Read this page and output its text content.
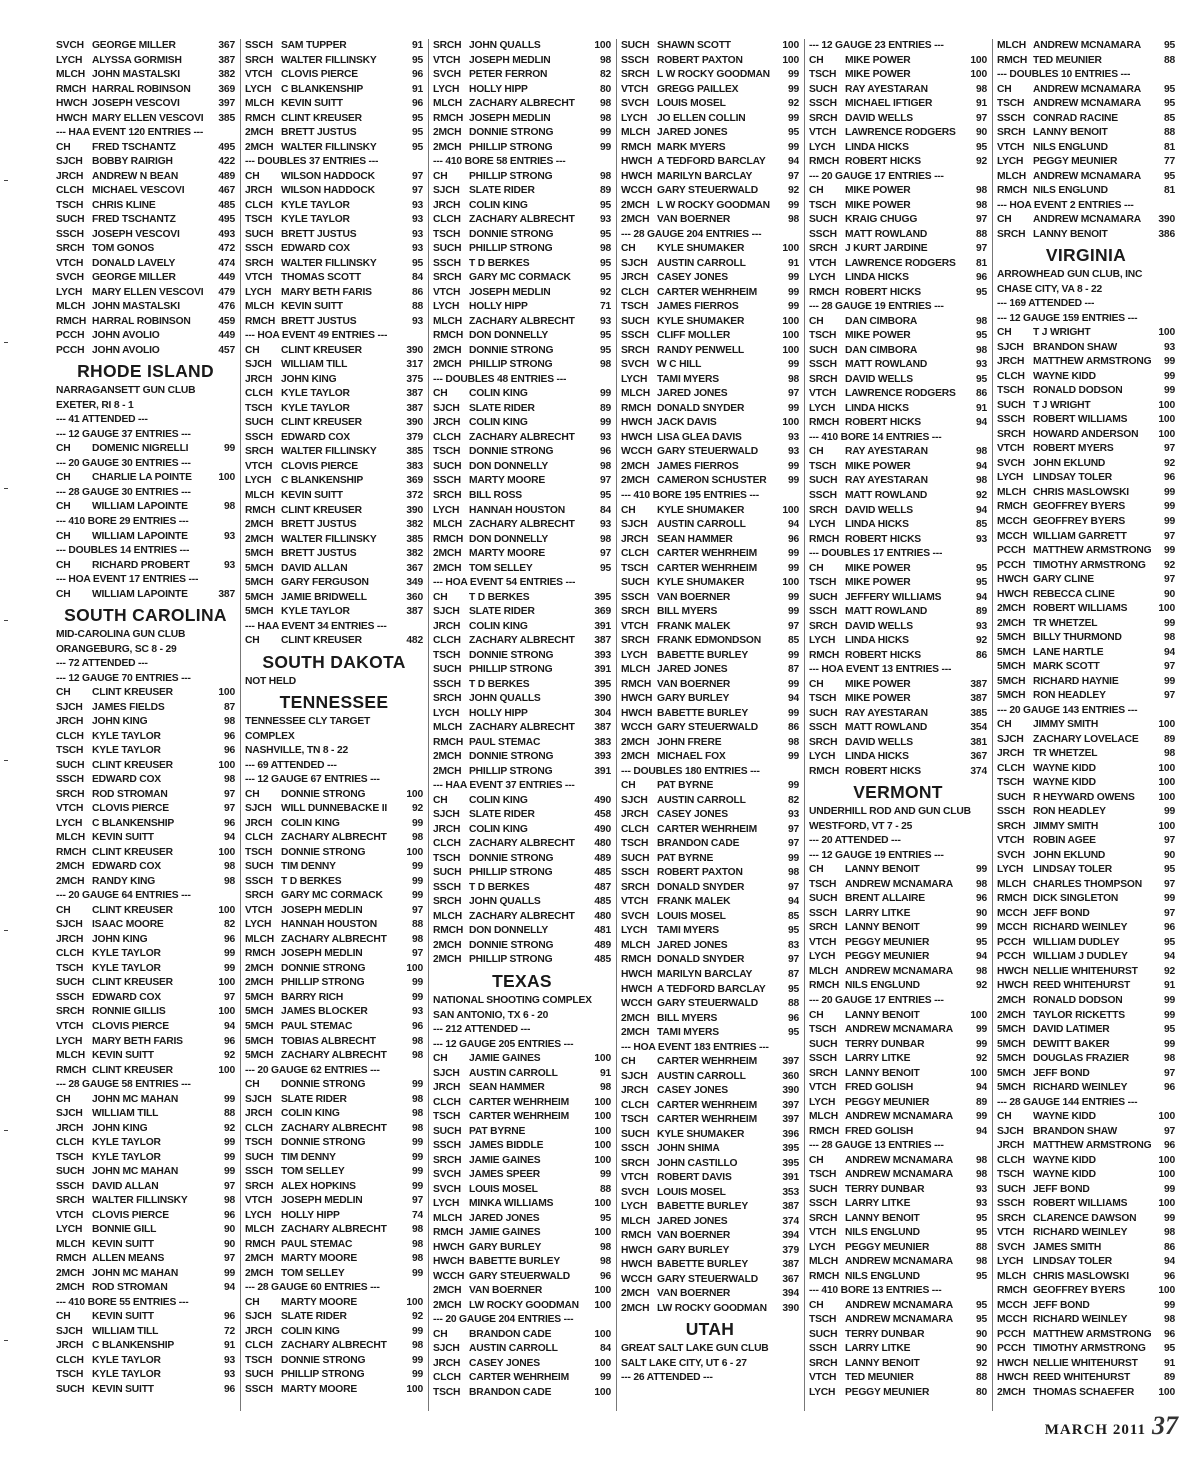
SVCH GEORGE MILLER	367
LYCH ALYSSA GORMISH	387
MLCH JOHN MASTALSKI	382
RMCH HARRAL ROBINSON	369
HWCH JOSEPH VESCOVI	397
HWCH MARY ELLEN VESCOVI	385
--- HAA EVENT 120 ENTRIES ---
CH	FRED TSCHANTZ	495
SJCH BOBBY RAIRIGH	422
JRCH ANDREW N BEAN	489
CLCH MICHAEL VESCOVI	467
TSCH CHRIS KLINE	485
SUCH FRED TSCHANTZ	495
SSCH JOSEPH VESCOVI	493
SRCH TOM GONOS	472
VTCH DONALD LAVELY	474
SVCH GEORGE MILLER	449
LYCH MARY ELLEN VESCOVI	479
MLCH JOHN MASTALSKI	476
RMCH HARRAL ROBINSON	459
PCCH JOHN AVOLIO	449
PCCH JOHN AVOLIO	457
RHODE ISLAND
NARRAGANSETT GUN CLUB
EXETER, RI 8 - 1
--- 41 ATTENDED ---
--- 12 GAUGE 37 ENTRIES ---
CH	DOMENIC NIGRELLI	99
--- 20 GAUGE 30 ENTRIES ---
CH	CHARLIE LA POINTE	100
--- 28 GAUGE 30 ENTRIES ---
CH	WILLIAM LAPOINTE	98
--- 410 BORE 29 ENTRIES ---
CH	WILLIAM LAPOINTE	93
--- DOUBLES 14 ENTRIES ---
CH	RICHARD PROBERT	93
--- HOA EVENT 17 ENTRIES ---
CH	WILLIAM LAPOINTE	387
SOUTH CAROLINA
MID-CAROLINA GUN CLUB
ORANGEBURG, SC 8 - 29
--- 72 ATTENDED ---
--- 12 GAUGE 70 ENTRIES ---
CH	CLINT KREUSER	100
SJCH JAMES FIELDS	87
JRCH JOHN KING	98
CLCH KYLE TAYLOR	96
TSCH KYLE TAYLOR	96
SUCH CLINT KREUSER	100
SSCH EDWARD COX	98
SRCH ROD STROMAN	97
VTCH CLOVIS PIERCE	97
LYCH C BLANKENSHIP	96
MLCH KEVIN SUITT	94
RMCH CLINT KREUSER	100
2MCH EDWARD COX	98
2MCH RANDY KING	98
--- 20 GAUGE 64 ENTRIES ---
CH	CLINT KREUSER	100
SJCH ISAAC MOORE	82
JRCH JOHN KING	96
CLCH KYLE TAYLOR	99
TSCH KYLE TAYLOR	99
SUCH CLINT KREUSER	100
SSCH EDWARD COX	97
SRCH RONNIE GILLIS	100
VTCH CLOVIS PIERCE	94
LYCH MARY BETH FARIS	96
MLCH KEVIN SUITT	92
RMCH CLINT KREUSER	100
--- 28 GAUGE 58 ENTRIES ---
CH	JOHN MC MAHAN	99
SJCH WILLIAM TILL	88
JRCH JOHN KING	92
CLCH KYLE TAYLOR	99
TSCH KYLE TAYLOR	99
SUCH JOHN MC MAHAN	99
SSCH DAVID ALLAN	97
SRCH WALTER FILLINSKY	98
VTCH CLOVIS PIERCE	96
LYCH BONNIE GILL	90
MLCH KEVIN SUITT	90
RMCH ALLEN MEANS	97
2MCH JOHN MC MAHAN	99
2MCH ROD STROMAN	94
--- 410 BORE 55 ENTRIES ---
CH	KEVIN SUITT	96
SJCH WILLIAM TILL	72
JRCH C BLANKENSHIP	91
CLCH KYLE TAYLOR	93
TSCH KYLE TAYLOR	93
SUCH KEVIN SUITT	96
SSCH SAM TUPPER	91
SRCH WALTER FILLINSKY	95
VTCH CLOVIS PIERCE	96
LYCH C BLANKENSHIP	91
MLCH KEVIN SUITT	96
RMCH CLINT KREUSER	95
2MCH BRETT JUSTUS	95
2MCH WALTER FILLINSKY	95
--- DOUBLES 37 ENTRIES ---
CH	WILSON HADDOCK	97
JRCH WILSON HADDOCK	97
CLCH KYLE TAYLOR	93
TSCH KYLE TAYLOR	93
SUCH BRETT JUSTUS	93
SSCH EDWARD COX	93
SRCH WALTER FILLINSKY	95
VTCH THOMAS SCOTT	84
LYCH MARY BETH FARIS	86
MLCH KEVIN SUITT	88
RMCH BRETT JUSTUS	93
--- HOA EVENT 49 ENTRIES ---
CH	CLINT KREUSER	390
SJCH WILLIAM TILL	317
JRCH JOHN KING	375
CLCH KYLE TAYLOR	387
TSCH KYLE TAYLOR	387
SUCH CLINT KREUSER	390
SSCH EDWARD COX	379
SRCH WALTER FILLINSKY	385
VTCH CLOVIS PIERCE	383
LYCH C BLANKENSHIP	369
MLCH KEVIN SUITT	372
RMCH CLINT KREUSER	390
2MCH BRETT JUSTUS	382
2MCH WALTER FILLINSKY	385
5MCH BRETT JUSTUS	382
5MCH DAVID ALLAN	367
5MCH GARY FERGUSON	349
5MCH JAMIE BRIDWELL	360
5MCH KYLE TAYLOR	387
--- HAA EVENT 34 ENTRIES ---
CH	CLINT KREUSER	482
SOUTH DAKOTA
NOT HELD
TENNESSEE
TENNESSEE CLY TARGET
COMPLEX
NASHVILLE, TN 8 - 22
--- 69 ATTENDED ---
--- 12 GAUGE 67 ENTRIES ---
CH	DONNIE STRONG	100
SJCH WILL DUNNEBACKE II	92
JRCH COLIN KING	99
CLCH ZACHARY ALBRECHT	98
TSCH DONNIE STRONG	100
SUCH TIM DENNY	99
SSCH T D BERKES	99
SRCH GARY MC CORMACK	99
VTCH JOSEPH MEDLIN	97
LYCH HANNAH HOUSTON	88
MLCH ZACHARY ALBRECHT	98
RMCH JOSEPH MEDLIN	97
2MCH DONNIE STRONG	100
2MCH PHILLIP STRONG	99
5MCH BARRY RICH	99
5MCH JAMES BLOCKER	93
5MCH PAUL STEMAC	96
5MCH TOBIAS ALBRECHT	98
5MCH ZACHARY ALBRECHT	98
--- 20 GAUGE 62 ENTRIES ---
CH	DONNIE STRONG	99
SJCH SLATE RIDER	98
JRCH COLIN KING	98
CLCH ZACHARY ALBRECHT	98
TSCH DONNIE STRONG	99
SUCH TIM DENNY	99
SSCH TOM SELLEY	99
SRCH ALEX HOPKINS	99
VTCH JOSEPH MEDLIN	97
LYCH HOLLY HIPP	74
MLCH ZACHARY ALBRECHT	98
RMCH PAUL STEMAC	98
2MCH MARTY MOORE	98
2MCH TOM SELLEY	99
--- 28 GAUGE 60 ENTRIES ---
CH	MARTY MOORE	100
SJCH SLATE RIDER	92
JRCH COLIN KING	99
CLCH ZACHARY ALBRECHT	98
TSCH DONNIE STRONG	99
SUCH PHILLIP STRONG	99
SSCH MARTY MOORE	100
SRCH JOHN QUALLS	100
VTCH JOSEPH MEDLIN	98
SVCH PETER FERRON	82
LYCH HOLLY HIPP	80
MLCH ZACHARY ALBRECHT	98
RMCH JOSEPH MEDLIN	98
2MCH DONNIE STRONG	99
2MCH PHILLIP STRONG	99
--- 410 BORE 58 ENTRIES ---
CH	PHILLIP STRONG	98
SJCH SLATE RIDER	89
JRCH COLIN KING	95
CLCH ZACHARY ALBRECHT	93
TSCH DONNIE STRONG	95
SUCH PHILLIP STRONG	98
SSCH T D BERKES	95
SRCH GARY MC CORMACK	95
VTCH JOSEPH MEDLIN	92
LYCH HOLLY HIPP	71
MLCH ZACHARY ALBRECHT	93
RMCH DON DONNELLY	95
2MCH DONNIE STRONG	95
2MCH PHILLIP STRONG	98
--- DOUBLES 48 ENTRIES ---
CH	COLIN KING	99
SJCH SLATE RIDER	89
JRCH COLIN KING	99
CLCH ZACHARY ALBRECHT	93
TSCH DONNIE STRONG	96
SUCH DON DONNELLY	98
SSCH MARTY MOORE	97
SRCH BILL ROSS	95
LYCH HANNAH HOUSTON	84
MLCH ZACHARY ALBRECHT	93
RMCH DON DONNELLY	98
2MCH MARTY MOORE	97
2MCH TOM SELLEY	95
--- HOA EVENT 54 ENTRIES ---
CH	T D BERKES	395
SJCH SLATE RIDER	369
JRCH COLIN KING	391
CLCH ZACHARY ALBRECHT	387
TSCH DONNIE STRONG	393
SUCH PHILLIP STRONG	391
SSCH T D BERKES	395
SRCH JOHN QUALLS	390
LYCH HOLLY HIPP	304
MLCH ZACHARY ALBRECHT	387
RMCH PAUL STEMAC	383
2MCH DONNIE STRONG	393
2MCH PHILLIP STRONG	391
--- HAA EVENT 37 ENTRIES ---
CH	COLIN KING	490
SJCH SLATE RIDER	458
JRCH COLIN KING	490
CLCH ZACHARY ALBRECHT	480
TSCH DONNIE STRONG	489
SUCH PHILLIP STRONG	485
SSCH T D BERKES	487
SRCH JOHN QUALLS	485
MLCH ZACHARY ALBRECHT	480
RMCH DON DONNELLY	481
2MCH DONNIE STRONG	489
2MCH PHILLIP STRONG	485
TEXAS
NATIONAL SHOOTING COMPLEX
SAN ANTONIO, TX 6 - 20
--- 212 ATTENDED ---
--- 12 GAUGE 205 ENTRIES ---
CH	JAMIE GAINES	100
SJCH AUSTIN CARROLL	91
JRCH SEAN HAMMER	98
CLCH CARTER WEHRHEIM	100
TSCH CARTER WEHRHEIM	100
SUCH PAT BYRNE	100
SSCH JAMES BIDDLE	100
SRCH JAMIE GAINES	100
SVCH JAMES SPEER	99
SVCH LOUIS MOSEL	88
LYCH MINKA WILLIAMS	100
MLCH JARED JONES	95
RMCH JAMIE GAINES	100
HWCH GARY BURLEY	98
HWCH BABETTE BURLEY	98
WCCH GARY STEUERWALD	96
2MCH VAN BOERNER	100
2MCH LW ROCKY GOODMAN	100
--- 20 GAUGE 204 ENTRIES ---
CH	BRANDON CADE	100
SJCH AUSTIN CARROLL	84
JRCH CASEY JONES	100
CLCH CARTER WEHRHEIM	99
TSCH BRANDON CADE	100
SUCH SHAWN SCOTT	100
SSCH ROBERT PAXTON	100
SRCH L W ROCKY GOODMAN	99
VTCH GREGG PAILLEX	99
SVCH LOUIS MOSEL	92
LYCH JO ELLEN COLLIN	99
MLCH JARED JONES	95
RMCH MARK MYERS	99
HWCH A TEDFORD BARCLAY	94
HWCH MARILYN BARCLAY	97
WCCH GARY STEUERWALD	92
2MCH L W ROCKY GOODMAN	99
2MCH VAN BOERNER	98
--- 28 GAUGE 204 ENTRIES ---
CH	KYLE SHUMAKER	100
SJCH AUSTIN CARROLL	91
JRCH CASEY JONES	99
CLCH CARTER WEHRHEIM	99
TSCH JAMES FIERROS	99
SUCH KYLE SHUMAKER	100
SSCH CLIFF MOLLER	100
SRCH RANDY PENWELL	100
SVCH W C HILL	99
LYCH TAMI MYERS	98
MLCH JARED JONES	97
RMCH DONALD SNYDER	99
HWCH JACK DAVIS	100
HWCH LISA GLEA DAVIS	93
WCCH GARY STEUERWALD	93
2MCH JAMES FIERROS	99
2MCH CAMERON SCHUSTER	99
--- 410 BORE 195 ENTRIES ---
CH	KYLE SHUMAKER	100
SJCH AUSTIN CARROLL	94
JRCH SEAN HAMMER	96
CLCH CARTER WEHRHEIM	99
TSCH CARTER WEHRHEIM	99
SUCH KYLE SHUMAKER	100
SSCH VAN BOERNER	99
SRCH BILL MYERS	99
VTCH FRANK MALEK	97
SRCH FRANK EDMONDSON	85
LYCH BABETTE BURLEY	99
MLCH JARED JONES	87
RMCH VAN BOERNER	99
HWCH GARY BURLEY	94
HWCH BABETTE BURLEY	99
WCCH GARY STEUERWALD	86
2MCH JOHN FRERE	98
2MCH MICHAEL FOX	99
--- DOUBLES 180 ENTRIES ---
CH	PAT BYRNE	99
SJCH AUSTIN CARROLL	82
JRCH CASEY JONES	93
CLCH CARTER WEHRHEIM	97
TSCH BRANDON CADE	97
SUCH PAT BYRNE	99
SSCH ROBERT PAXTON	98
SRCH DONALD SNYDER	97
VTCH FRANK MALEK	94
SVCH LOUIS MOSEL	85
LYCH TAMI MYERS	95
MLCH JARED JONES	83
RMCH DONALD SNYDER	97
HWCH MARILYN BARCLAY	87
HWCH A TEDFORD BARCLAY	95
WCCH GARY STEUERWALD	88
2MCH BILL MYERS	96
2MCH TAMI MYERS	95
--- HOA EVENT 183 ENTRIES ---
CH	CARTER WEHRHEIM	397
SJCH AUSTIN CARROLL	360
JRCH CASEY JONES	390
CLCH CARTER WEHRHEIM	397
TSCH CARTER WEHRHEIM	397
SUCH KYLE SHUMAKER	396
SSCH JOHN SHIMA	395
SRCH JOHN CASTILLO	395
VTCH ROBERT DAVIS	391
SVCH LOUIS MOSEL	353
LYCH BABETTE BURLEY	387
MLCH JARED JONES	374
RMCH VAN BOERNER	394
HWCH GARY BURLEY	379
HWCH BABETTE BURLEY	387
WCCH GARY STEUERWALD	367
2MCH VAN BOERNER	394
2MCH LW ROCKY GOODMAN	390
UTAH
GREAT SALT LAKE GUN CLUB
SALT LAKE CITY, UT 6 - 27
--- 26 ATTENDED ---
--- 12 GAUGE 23 ENTRIES ---
CH	MIKE POWER	100
TSCH MIKE POWER	100
SUCH RAY AYESTARAN	98
SSCH MICHAEL IFTIGER	91
SRCH DAVID WELLS	97
VTCH LAWRENCE RODGERS	90
LYCH LINDA HICKS	95
RMCH ROBERT HICKS	92
--- 20 GAUGE 17 ENTRIES ---
CH	MIKE POWER	98
TSCH MIKE POWER	98
SUCH KRAIG CHUGG	97
SSCH MATT ROWLAND	88
SRCH J KURT JARDINE	97
VTCH LAWRENCE RODGERS	81
LYCH LINDA HICKS	96
RMCH ROBERT HICKS	95
--- 28 GAUGE 19 ENTRIES ---
CH	DAN CIMBORA	98
TSCH MIKE POWER	95
SUCH DAN CIMBORA	98
SSCH MATT ROWLAND	93
SRCH DAVID WELLS	95
VTCH LAWRENCE RODGERS	86
LYCH LINDA HICKS	91
RMCH ROBERT HICKS	94
--- 410 BORE 14 ENTRIES ---
CH	RAY AYESTARAN	98
TSCH MIKE POWER	94
SUCH RAY AYESTARAN	98
SSCH MATT ROWLAND	92
SRCH DAVID WELLS	94
LYCH LINDA HICKS	85
RMCH ROBERT HICKS	93
--- DOUBLES 17 ENTRIES ---
CH	MIKE POWER	95
TSCH MIKE POWER	95
SUCH JEFFERY WILLIAMS	94
SSCH MATT ROWLAND	89
SRCH DAVID WELLS	93
LYCH LINDA HICKS	92
RMCH ROBERT HICKS	86
--- HOA EVENT 13 ENTRIES ---
CH	MIKE POWER	387
TSCH MIKE POWER	387
SUCH RAY AYESTARAN	385
SSCH MATT ROWLAND	354
SRCH DAVID WELLS	381
LYCH LINDA HICKS	367
RMCH ROBERT HICKS	374
VERMONT
UNDERHILL ROD AND GUN CLUB
WESTFORD, VT 7 - 25
--- 20 ATTENDED ---
--- 12 GAUGE 19 ENTRIES ---
CH	LANNY BENOIT	99
TSCH ANDREW MCNAMARA	98
SUCH BRENT ALLAIRE	96
SSCH LARRY LITKE	90
SRCH LANNY BENOIT	99
VTCH PEGGY MEUNIER	95
LYCH PEGGY MEUNIER	94
MLCH ANDREW MCNAMARA	98
RMCH NILS ENGLUND	92
--- 20 GAUGE 17 ENTRIES ---
CH	LANNY BENOIT	100
TSCH ANDREW MCNAMARA	99
SUCH TERRY DUNBAR	99
SSCH LARRY LITKE	92
SRCH LANNY BENOIT	100
VTCH FRED GOLISH	94
LYCH PEGGY MEUNIER	89
MLCH ANDREW MCNAMARA	99
RMCH FRED GOLISH	94
--- 28 GAUGE 13 ENTRIES ---
CH	ANDREW MCNAMARA	98
TSCH ANDREW MCNAMARA	98
SUCH TERRY DUNBAR	93
SSCH LARRY LITKE	93
SRCH LANNY BENOIT	95
VTCH NILS ENGLUND	95
LYCH PEGGY MEUNIER	88
MLCH ANDREW MCNAMARA	98
RMCH NILS ENGLUND	95
--- 410 BORE 13 ENTRIES ---
CH	ANDREW MCNAMARA	95
TSCH ANDREW MCNAMARA	95
SUCH TERRY DUNBAR	90
SSCH LARRY LITKE	90
SRCH LANNY BENOIT	92
VTCH TED MEUNIER	88
LYCH PEGGY MEUNIER	80
MLCH ANDREW MCNAMARA	95
RMCH TED MEUNIER	88
--- DOUBLES 10 ENTRIES ---
CH	ANDREW MCNAMARA	95
TSCH ANDREW MCNAMARA	95
SSCH CONRAD RACINE	85
SRCH LANNY BENOIT	88
VTCH NILS ENGLUND	81
LYCH PEGGY MEUNIER	77
MLCH ANDREW MCNAMARA	95
RMCH NILS ENGLUND	81
--- HOA EVENT 2 ENTRIES ---
CH	ANDREW MCNAMARA	390
SRCH LANNY BENOIT	386
VIRGINIA
ARROWHEAD GUN CLUB, INC
CHASE CITY, VA 8 - 22
--- 169 ATTENDED ---
--- 12 GAUGE 159 ENTRIES ---
CH	T J WRIGHT	100
SJCH BRANDON SHAW	93
JRCH MATTHEW ARMSTRONG	99
CLCH WAYNE KIDD	99
TSCH RONALD DODSON	99
SUCH T J WRIGHT	100
SSCH ROBERT WILLIAMS	100
SRCH HOWARD ANDERSON	100
VTCH ROBERT MYERS	97
SVCH JOHN EKLUND	92
LYCH LINDSAY TOLER	96
MLCH CHRIS MASLOWSKI	99
RMCH GEOFFREY BYERS	99
MCCH GEOFFREY BYERS	99
MCCH WILLIAM GARRETT	97
PCCH MATTHEW ARMSTRONG	99
PCCH TIMOTHY ARMSTRONG	92
HWCH GARY CLINE	97
HWCH REBECCA CLINE	90
2MCH ROBERT WILLIAMS	100
2MCH TR WHETZEL	99
5MCH BILLY THURMOND	98
5MCH LANE HARTLE	94
5MCH MARK SCOTT	97
5MCH RICHARD HAYNIE	99
5MCH RON HEADLEY	97
--- 20 GAUGE 143 ENTRIES ---
CH	JIMMY SMITH	100
SJCH ZACHARY LOVELACE	89
JRCH TR WHETZEL	98
CLCH WAYNE KIDD	100
TSCH WAYNE KIDD	100
SUCH R HEYWARD OWENS	100
SSCH RON HEADLEY	99
SRCH JIMMY SMITH	100
VTCH ROBIN AGEE	97
SVCH JOHN EKLUND	90
LYCH LINDSAY TOLER	95
MLCH CHARLES THOMPSON	97
RMCH DICK SINGLETON	99
MCCH JEFF BOND	97
MCCH RICHARD WEINLEY	96
PCCH WILLIAM DUDLEY	95
PCCH WILLIAM J DUDLEY	94
HWCH NELLIE WHITEHURST	92
HWCH REED WHITEHURST	91
2MCH RONALD DODSON	99
2MCH TAYLOR RICKETTS	99
5MCH DAVID LATIMER	95
5MCH DEWITT BAKER	99
5MCH DOUGLAS FRAZIER	98
5MCH JEFF BOND	97
5MCH RICHARD WEINLEY	96
--- 28 GAUGE 144 ENTRIES ---
CH	WAYNE KIDD	100
SJCH BRANDON SHAW	97
JRCH MATTHEW ARMSTRONG	96
CLCH WAYNE KIDD	100
TSCH WAYNE KIDD	100
SUCH JEFF BOND	99
SSCH ROBERT WILLIAMS	100
SRCH CLARENCE DAWSON	99
VTCH RICHARD WEINLEY	98
SVCH JAMES SMITH	86
LYCH LINDSAY TOLER	94
MLCH CHRIS MASLOWSKI	96
RMCH GEOFFREY BYERS	100
MCCH JEFF BOND	99
MCCH RICHARD WEINLEY	98
PCCH MATTHEW ARMSTRONG	96
PCCH TIMOTHY ARMSTRONG	95
HWCH NELLIE WHITEHURST	91
HWCH REED WHITEHURST	89
2MCH THOMAS SCHAEFER	100
MARCH 2011 37
